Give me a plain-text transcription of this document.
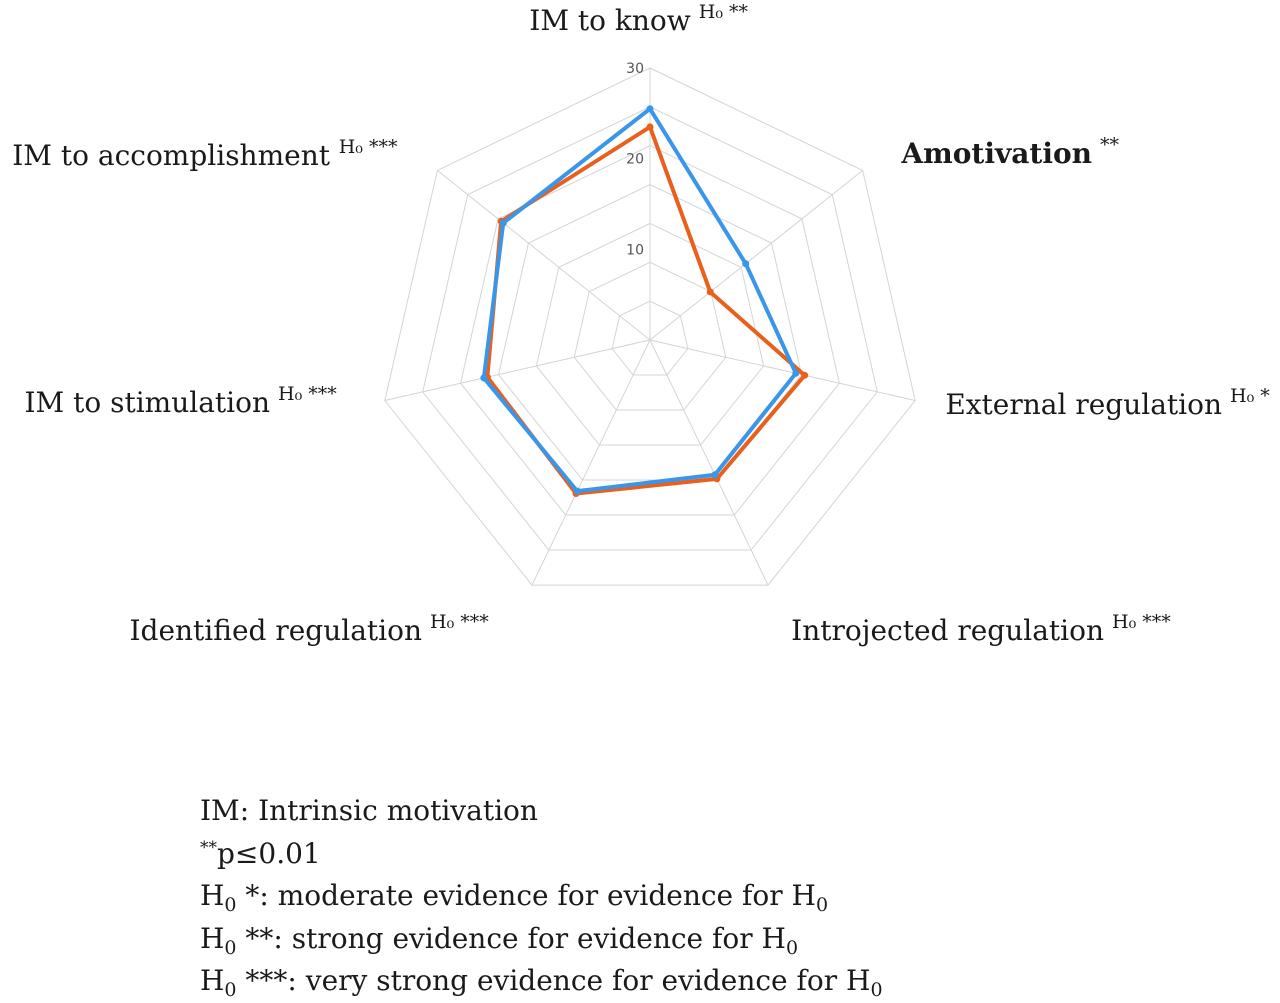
10
20
30
IM to know H₀ **
Amotivation **
External regulation H₀ *
Introjected regulation H₀ ***
Identified regulation H₀ ***
IM to stimulation H₀ ***
IM to accomplishment H₀ ***
IM: Intrinsic motivation
**p≤0.01
$H_0$ *: moderate evidence for evidence for $H_0$
$H_0$ **: strong evidence for evidence for $H_0$
$H_0$ ***: very strong evidence for evidence for $H_0$
